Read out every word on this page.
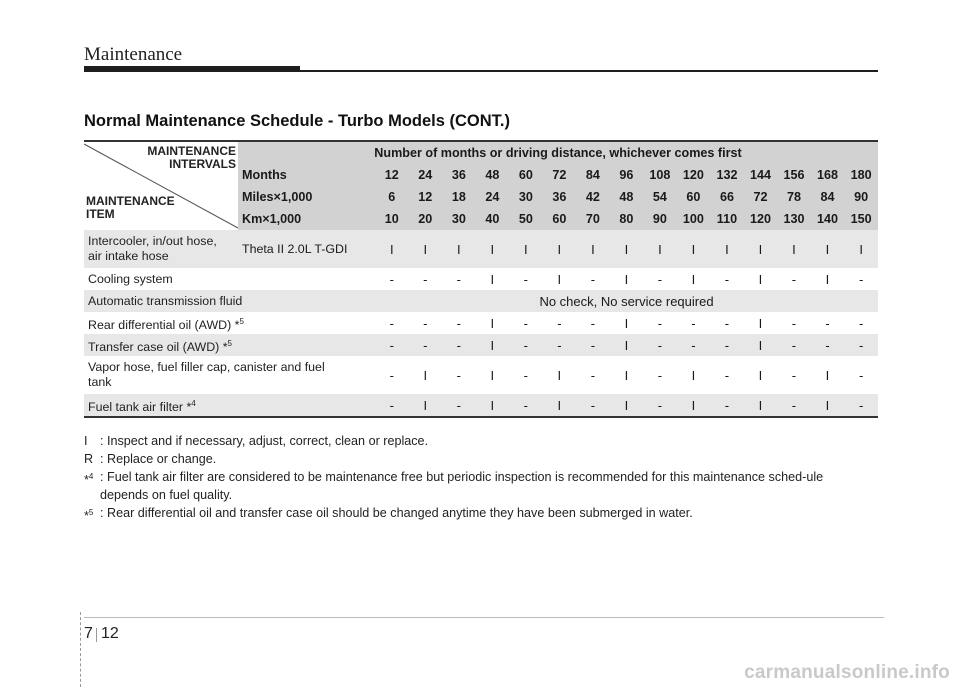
Maintenance
Normal Maintenance Schedule - Turbo Models (CONT.)
MAINTENANCE
INTERVALS
MAINTENANCE
ITEM	Number of months or driving distance, whichever comes first															
	Months	12	24	36	48	60	72	84	96	108	120	132	144	156	168	180
	Miles×1,000	6	12	18	24	30	36	42	48	54	60	66	72	78	84	90
	Km×1,000	10	20	30	40	50	60	70	80	90	100	110	120	130	140	150

Intercooler, in/out hose,
air intake hose	Theta II 2.0L T-GDI	I	I	I	I	I	I	I	I	I	I	I	I	I	I	I
Cooling system		-	-	-	I	-	I	-	I	-	I	-	I	-	I	-
Automatic transmission fluid		No check, No service required														
Rear differential oil (AWD) *$^5$		-	-	-	I	-	-	-	I	-	-	-	I	-	-	-
Transfer case oil (AWD) *$^5$		-	-	-	I	-	-	-	I	-	-	-	I	-	-	-

Vapor hose, fuel filler cap, canister and fuel
tank		-	I	-	I	-	I	-	I	-	I	-	I	-	I	-
Fuel tank air filter *$^4$		-	I	-	I	-	I	-	I	-	I	-	I	-	I	-
I : Inspect and if necessary, adjust, correct, clean or replace.
R : Replace or change.
*$^4$ : Fuel tank air filter are considered to be maintenance free but periodic inspection is recommended for this maintenance sched-ule depends on fuel quality.
*$^5$ : Rear differential oil and transfer case oil should be changed anytime they have been submerged in water.
7 12
carmanualsonline.info
